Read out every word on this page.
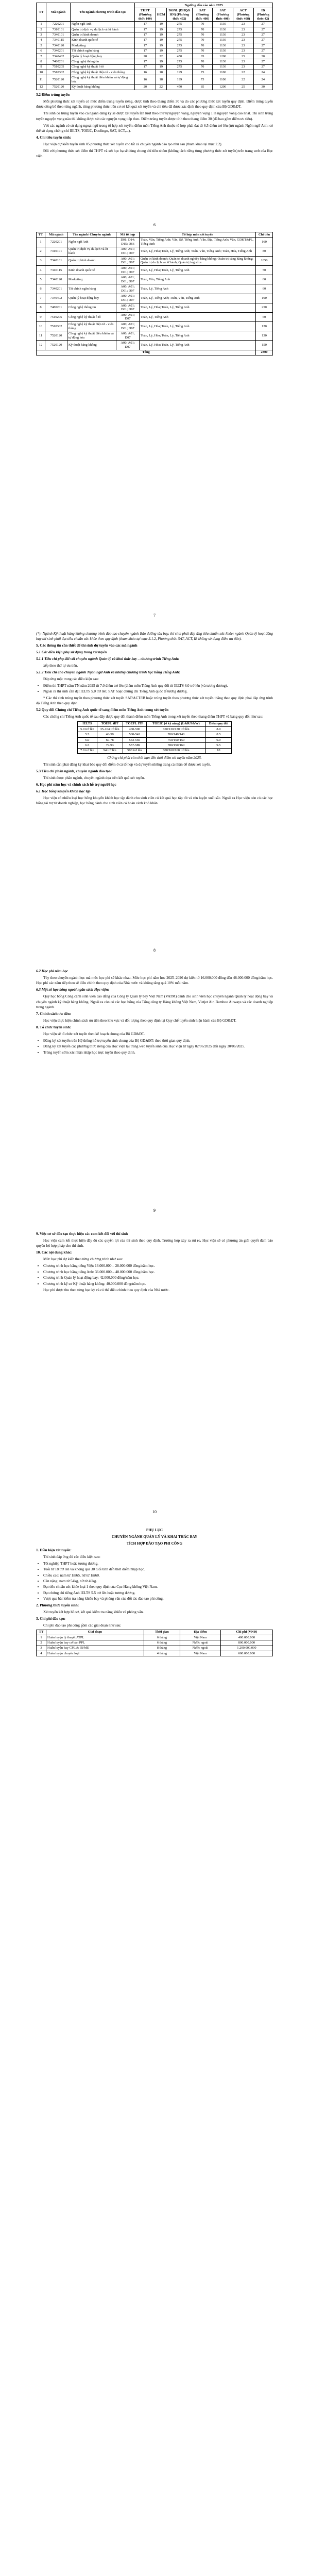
TT	Mã ngành	Tên ngành chương trình đào tạo	Ngưỡng đầu vào năm 2025						
			THPT (Phương thức 100)	HCM	ĐGNL (ĐHQG HN) (Phương thức 402)	SAT (Phương thức 408)	SAT (Phương thức 408)	ACT (Phương thức 408)	IB (Phương thức 42)
1	7220201	Ngôn ngữ Anh	17	19	275	70	1130	23	27
2	7310101	Quản trị dịch vụ du lịch và lữ hành	17	19	275	70	1130	23	27
3	7340101	Quản trị kinh doanh	17	19	275	70	1130	23	27
4	7340115	Kinh doanh quốc tế	17	19	275	70	1130	23	27
5	7340120	Marketing	17	19	275	70	1130	23	27
6	7340201	Tài chính ngân hàng	17	19	275	70	1130	23	27
7	7340402	Quản lý hoạt động bay	20	22	450	85	1200	25	30
8	7480201	Công nghệ thông tin	17	19	275	70	1130	23	27
9	7510205	Công nghệ kỹ thuật ô tô	17	19	275	70	1130	23	27
10	7510302	Công nghệ kỹ thuật điện tử - viễn thông	16	18	199	75	1100	22	24
11	7520120	Công nghệ kỹ thuật điều khiển và tự động hóa	16	18	199	75	1100	22	24
12	7520120	Kỹ thuật hàng không	20	22	450	85	1200	25	30

3.2 Điểm trúng tuyển

Mỗi phương thức xét tuyển có mức điểm trúng tuyển riêng, được tính theo thang điểm 30 và do các phương thức xét tuyển quy định. Điểm trúng tuyển được công bố theo từng ngành, từng phương thức trên cơ sở kết quả xét tuyển và chỉ tiêu đã được xác định theo quy định của Bộ GD&ĐT.

Thí sinh có trúng tuyển vào cả ngành đăng ký sẽ được xét tuyển lần lượt theo thứ tự nguyện vọng, nguyện vọng 1 là nguyện vọng cao nhất. Thí sinh trúng tuyển nguyện vọng nào thì không được xét các nguyện vọng tiếp theo. Điểm trúng tuyển được tính theo thang điểm 30 (đã bao gồm điểm ưu tiên).

Với các ngành có sử dụng ngoại ngữ trong tổ hợp xét tuyển: điểm môn Tiếng Anh thuộc tổ hợp phải đạt từ 6.5 điểm trở lên (trừ ngành Ngôn ngữ Anh; có thể sử dụng chứng chỉ IELTS, TOEIC, Duolingo, SAT, ACT,...).

4. Chỉ tiêu tuyển sinh:

Học viện dự kiến tuyển sinh 05 phương thức xét tuyển cho tất cả chuyên ngành đào tạo như sau (tham khảo tại mục 2.2).

Đối với phương thức xét điểm thi THPT và xét học bạ sẽ dùng chung chỉ tiêu nhóm (không tách riêng từng phương thức xét tuyển) trên trang web của Học viện.

6
TT	Mã ngành	Tên ngành/ Chuyên ngành	Mã tổ hợp	Tổ hợp môn xét tuyển	Chỉ tiêu
1	7220201	Ngôn ngữ Anh	D01; D14; D15; D66	Toán, Văn, Tiếng Anh; Văn, Sử, Tiếng Anh; Văn, Địa, Tiếng Anh; Văn, GDKT&PL, Tiếng Anh	160
2	7310101	Quản trị dịch vụ du lịch và lữ hành	A00; A01; D01; D07	Toán, Lý, Hóa; Toán, Lý, Tiếng Anh; Toán, Văn, Tiếng Anh; Toán, Hóa, Tiếng Anh	80
3	7340101	Quản trị kinh doanh	A00; A01; D01; D07	Quản trị kinh doanh; Quản trị doanh nghiệp hàng không; Quản trị cảng hàng không; Quản trị du lịch và lữ hành; Quản trị logistics	1050
4	7340115	Kinh doanh quốc tế	A00; A01; D01; D07	Toán, Lý, Hóa; Toán, Lý, Tiếng Anh	50
5	7340120	Marketing	A00; A01; D01; D07	Toán, Văn, Tiếng Anh	60
6	7340201	Tài chính ngân hàng	A00; A01; D01; D07	Toán, Lý, Tiếng Anh	60
7	7340402	Quản lý hoạt động bay	A00; A01; D01; D07	Toán, Lý, Tiếng Anh; Toán, Văn, Tiếng Anh	100
8	7480201	Công nghệ thông tin	A00; A01; D01; D07	Toán, Lý, Hóa; Toán, Lý, Tiếng Anh	250
9	7510205	Công nghệ kỹ thuật ô tô	A00; A01; D07	Toán, Lý, Tiếng Anh	60
10	7510302	Công nghệ kỹ thuật điện tử - viễn thông	A00; A01; D01; D07	Toán, Lý, Hóa; Toán, Lý, Tiếng Anh	120
11	7520120	Công nghệ kỹ thuật điều khiển và tự động hóa	A00; A01; D07	Toán, Lý, Hóa; Toán, Lý, Tiếng Anh	130
12	7520120	Kỹ thuật hàng không	A00; A01; D07	Toán, Lý, Hóa; Toán, Lý, Tiếng Anh	150
Tổng					2300
7

(*): Ngành Kỹ thuật hàng không chương trình đào tạo chuyên ngành Bảo dưỡng tàu bay, thí sinh phải đáp ứng tiêu chuẩn sức khỏe; ngành Quản lý hoạt động bay thí sinh phải đạt tiêu chuẩn sức khỏe theo quy định (tham khảo tại mục 3.1.2, Phương thức SAT, ACT, IB không sử dụng điểm ưu tiên).

5. Các thông tin cần thiết để thí sinh dự tuyển vào các mã ngành

5.1 Các điều kiện phụ sử dụng trong xét tuyển

5.1.1 Tiêu chí phụ đối với chuyên ngành Quản lý và khai thác bay – chương trình Tiếng Anh:

xếp theo thứ tự ưu tiên.

5.1.2 Tiêu chí cho chuyên ngành Ngôn ngữ Anh và những chương trình học bằng Tiếng Anh:

Đáp ứng một trong các điều kiện sau:

• Điểm thi THPT năm TN năm 2025 từ 7.0 điểm trở lên (điểm môn Tiếng Anh quy đổi từ IELTS 6.0 trở lên (và tương đương).
• Ngoài ra thí sinh cần đạt IELTS 5.0 trở lên; SAT hoặc chứng chỉ Tiếng Anh quốc tế tương đương.

* Các thí sinh trúng tuyển theo phương thức xét tuyển SAT/ACT/IB hoặc trúng tuyển theo phương thức xét tuyển thẳng theo quy định phải đáp ứng trình độ Tiếng Anh theo quy định.

5.2 Quy đổi Chứng chỉ Tiếng Anh quốc tế sang điểm môn Tiếng Anh trong xét tuyển

Các chứng chỉ Tiếng Anh quốc tế sau đây được quy đổi thành điểm môn Tiếng Anh trong xét tuyển theo thang điểm THPT và bảng quy đổi như sau:

IELTS	TOEFL iBT	TOEFL ITP	TOEIC (4 kỹ năng) (L&R/S&W)	Điểm quy đổi
5.0 trở lên	35-104 trở lên	460-500	650/130/130 trở lên	8.0
5.5	46-59	500-542	700/140/140	8.5
6.0	60-78	543-556	750/150/150	9.0
6.5	79-93	557-589	780/150/160	9.5
7.0 trở lên	94 trở lên	590 trở lên	800/160/160 trở lên	10

Chứng chỉ phải còn thời hạn đến thời điểm xét tuyển năm 2025.

Thí sinh cần phải đăng ký khai báo quy đổi điểm ở cả tổ hợp và dự tuyển những trang cá nhân để được xét tuyển.

5.3 Tiêu chí phân ngành, chuyên ngành đào tạo:

Thí sinh được phân ngành, chuyên ngành dựa trên kết quả xét tuyển.

6. Học phí năm học và chính sách hỗ trợ người học

6.1 Học bổng khuyến khích học tập

Học viện có nhiều loại học bổng khuyến khích học tập dành cho sinh viên có kết quả học tập tốt và rèn luyện xuất sắc. Ngoài ra Học viện còn có các học bổng tài trợ từ doanh nghiệp, học bổng dành cho sinh viên có hoàn cảnh khó khăn.

8

6.2 Học phí năm học

Tùy theo chuyên ngành học mà mức học phí sẽ khác nhau. Mức học phí năm học 2025–2026 dự kiến từ 16.000.000 đồng đến 48.000.000 đồng/năm học. Học phí các năm tiếp theo sẽ điều chỉnh theo quy định của Nhà nước và không tăng quá 10% mỗi năm.

6.3 Một số học bổng ngoài ngân sách Học viện:

Quỹ học bổng Công cảnh sinh viên cao đẳng của Công ty Quản lý bay Việt Nam (VATM) dành cho sinh viên học chuyên ngành Quản lý hoạt động bay và chuyên ngành kỹ thuật hàng không. Ngoài ra còn có các học bổng của Tổng công ty Hàng không Việt Nam, Vietjet Air, Bamboo Airways và các doanh nghiệp trong ngành.

7. Chính sách ưu tiên:

Học viện thực hiện chính sách ưu tiên theo khu vực và đối tượng theo quy định tại Quy chế tuyển sinh hiện hành của Bộ GD&ĐT.

8. Tổ chức tuyển sinh:

Học viện sẽ tổ chức xét tuyển theo kế hoạch chung của Bộ GD&ĐT.

• Đăng ký xét tuyển trên Hệ thống hỗ trợ tuyển sinh chung của Bộ GD&ĐT: theo thời gian quy định.
• Đăng ký xét tuyển các phương thức riêng của Học viện tại trang web tuyển sinh của Học viện từ ngày 02/06/2025 đến ngày 30/06/2025.
• Trúng tuyển sớm xác nhận nhập học trực tuyến theo quy định.
9

9. Việc cơ sở đào tạo thực hiện các cam kết đối với thí sinh

Học viện cam kết thực hiện đầy đủ các quyền lợi của thí sinh theo quy định. Trường hợp xảy ra rủi ro, Học viện sẽ có phương án giải quyết đảm bảo quyền lợi hợp pháp cho thí sinh.

10. Các nội dung khác:

Mức học phí dự kiến theo từng chương trình như sau:

• Chương trình học bằng tiếng Việt: 16.000.000 – 28.000.000 đồng/năm học.
• Chương trình học bằng tiếng Anh: 36.000.000 – 48.000.000 đồng/năm học.
• Chương trình Quản lý hoạt động bay: 42.000.000 đồng/năm học.
• Chương trình kỹ sư Kỹ thuật hàng không: 40.000.000 đồng/năm học.

Học phí được thu theo từng học kỳ và có thể điều chỉnh theo quy định của Nhà nước.

10

PHỤ LỤC

CHUYÊN NGÀNH QUẢN LÝ VÀ KHAI THÁC BAY

TÍCH HỢP ĐÀO TẠO PHI CÔNG

1. Điều kiện xét tuyển:

Thí sinh đáp ứng đủ các điều kiện sau:

• Tốt nghiệp THPT hoặc tương đương.
• Tuổi từ 18 trở lên và không quá 30 tuổi tính đến thời điểm nhập học.
• Chiều cao: nam từ 1m65, nữ từ 1m60.
• Cân nặng: nam từ 54kg, nữ từ 46kg.
• Đạt tiêu chuẩn sức khỏe loại 1 theo quy định của Cục Hàng không Việt Nam.
• Đạt chứng chỉ tiếng Anh IELTS 5.5 trở lên hoặc tương đương.
• Vượt qua bài kiểm tra năng khiếu bay và phỏng vấn của đối tác đào tạo phi công.

2. Phương thức tuyển sinh:

Xét tuyển kết hợp hồ sơ, kết quả kiểm tra năng khiếu và phỏng vấn.

3. Chi phí đào tạo:

Chi phí đào tạo phi công gồm các giai đoạn như sau:

TT	Giai đoạn	Thời gian	Địa điểm	Chi phí (VNĐ)
1	Huấn luyện lý thuyết ATPL	6 tháng	Việt Nam	400.000.000
2	Huấn luyện bay cơ bản PPL	6 tháng	Nước ngoài	800.000.000
3	Huấn luyện bay CPL & IR/ME	8 tháng	Nước ngoài	1.200.000.000
4	Huấn luyện chuyển loại	4 tháng	Việt Nam	600.000.000
